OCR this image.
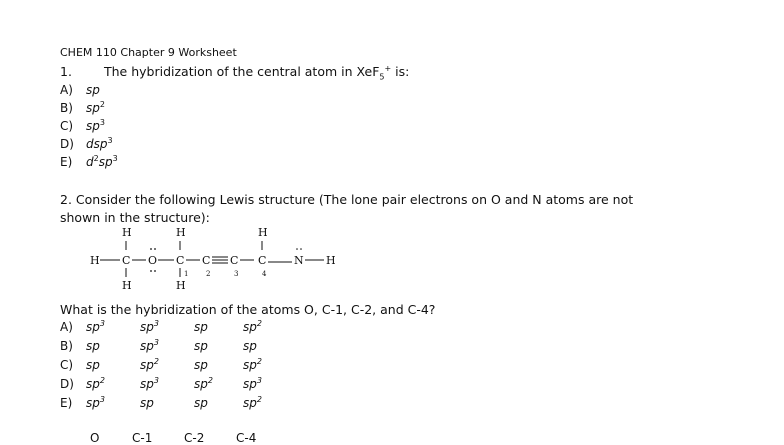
CHEM 110 Chapter 9 Worksheet
1.	The hybridization of the central atom in XeF$_5$+ is:
A) sp
B) $sp^2$
C) $sp^3$
D) dsp$^3$
E) $d^2sp^3$
2. Consider the following Lewis structure (The lone pair electrons on O and N atoms are not
shown in the structure):
H	H	H
H C O C C C C	N H
H	H
1	2	3	4
What is the hybridization of the atoms O, C-1, C-2, and C-4?
A) $sp^3$	$sp^3$	sp	$sp^2$
B) sp	$sp^3$	sp	sp
C) sp	$sp^2$	sp	$sp^2$
D) $sp^2$	$sp^3$	$sp^2$	$sp^3$
E) $sp^3$	sp	sp	$sp^2$
O	C-1	C-2	C-4
